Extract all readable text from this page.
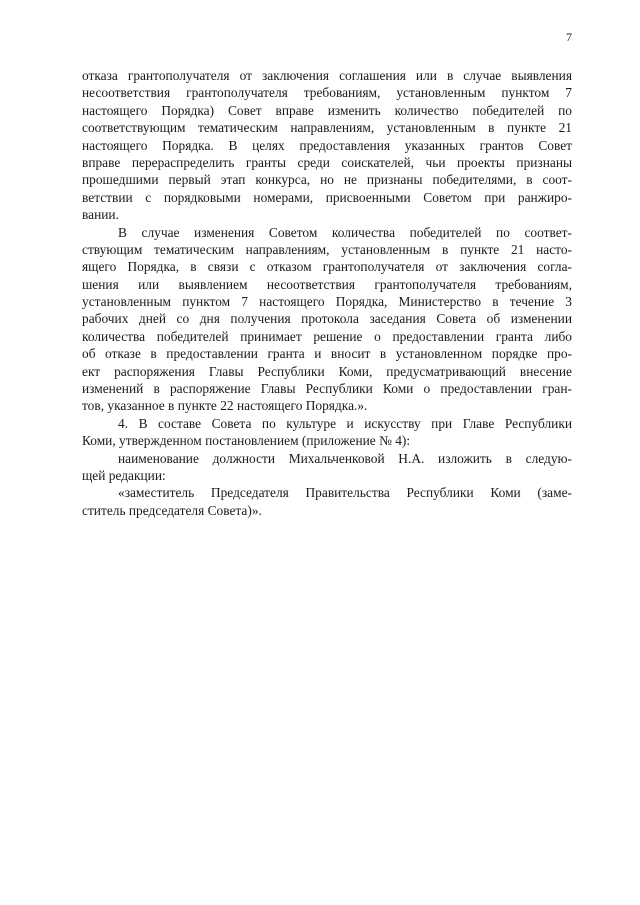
7
отказа грантополучателя от заключения соглашения или в случае выявления
несоответствия грантополучателя требованиям, установленным пунктом 7
настоящего Порядка) Совет вправе изменить количество победителей по
соответствующим тематическим направлениям, установленным в пункте 21
настоящего Порядка. В целях предоставления указанных грантов Совет
вправе перераспределить гранты среди соискателей, чьи проекты признаны
прошедшими первый этап конкурса, но не признаны победителями, в соот-
ветствии с порядковыми номерами, присвоенными Советом при ранжиро-
вании.
В случае изменения Советом количества победителей по соответ-
ствующим тематическим направлениям, установленным в пункте 21 насто-
ящего Порядка, в связи с отказом грантополучателя от заключения согла-
шения или выявлением несоответствия грантополучателя требованиям,
установленным пунктом 7 настоящего Порядка, Министерство в течение 3
рабочих дней со дня получения протокола заседания Совета об изменении
количества победителей принимает решение о предоставлении гранта либо
об отказе в предоставлении гранта и вносит в установленном порядке про-
ект распоряжения Главы Республики Коми, предусматривающий внесение
изменений в распоряжение Главы Республики Коми о предоставлении гран-
тов, указанное в пункте 22 настоящего Порядка.».
4. В составе Совета по культуре и искусству при Главе Республики
Коми, утвержденном постановлением (приложение № 4):
наименование должности Михальченковой Н.А. изложить в следую-
щей редакции:
«заместитель Председателя Правительства Республики Коми (заме-
ститель председателя Совета)».
